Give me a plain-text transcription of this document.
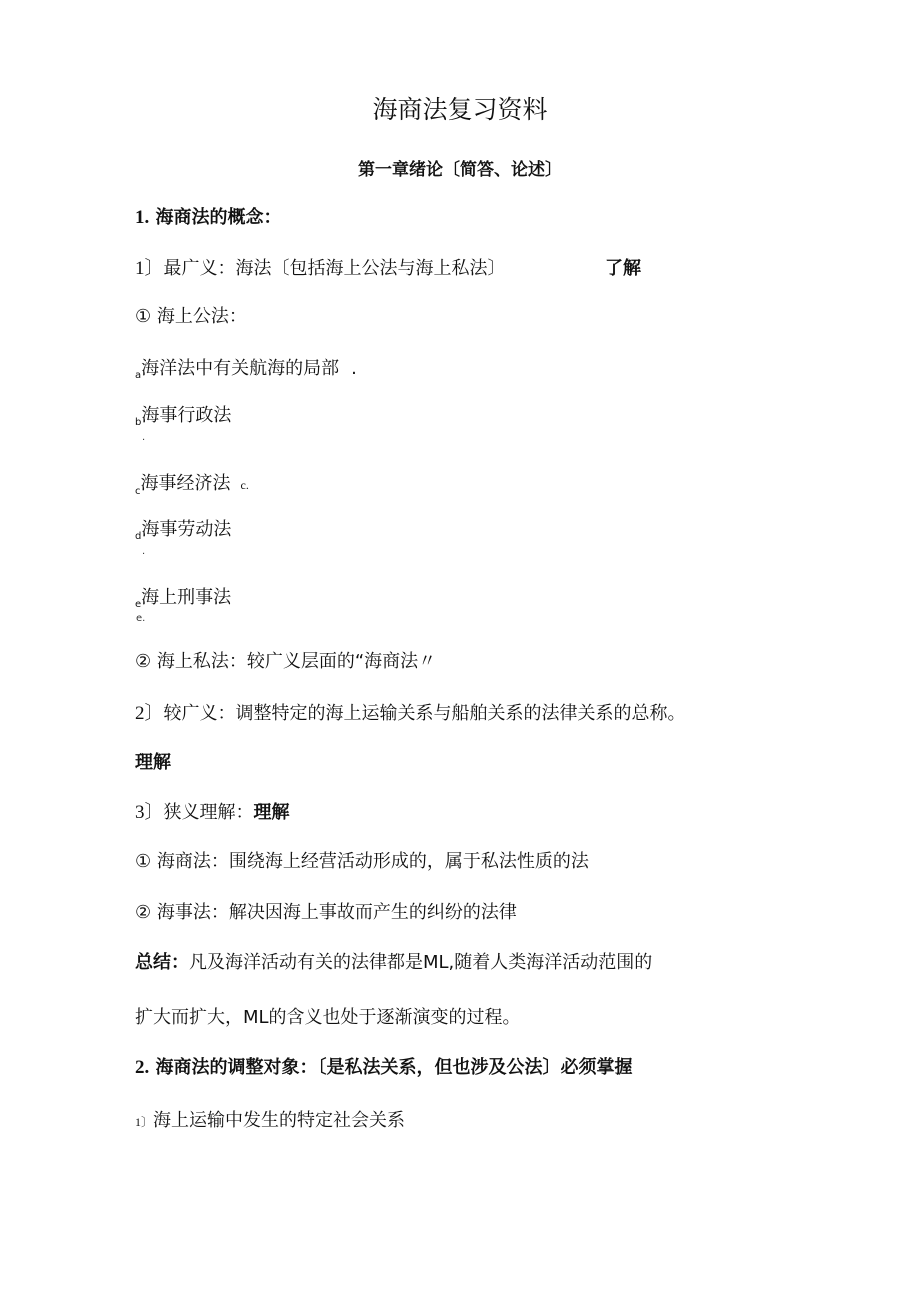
海商法复习资料
第一章绪论〔简答、论述〕
1. 海商法的概念：
1〕最广义：海法〔包括海上公法与海上私法〕	了解
① 海上公法：
a海洋法中有关航海的局部 .
b海事行政法
.
c海事经济法 c.
d海事劳动法
.
e海上刑事法
e.
② 海上私法：较广义层面的“海商法〃
2〕较广义：调整特定的海上运输关系与船舶关系的法律关系的总称。
理解
3〕狭义理解：理解
① 海商法：围绕海上经营活动形成的，属于私法性质的法
② 海事法：解决因海上事故而产生的纠纷的法律
总结：凡及海洋活动有关的法律都是ML,随着人类海洋活动范围的
扩大而扩大，ML的含义也处于逐渐演变的过程。
2. 海商法的调整对象：〔是私法关系，但也涉及公法〕必须掌握
1〕海上运输中发生的特定社会关系
